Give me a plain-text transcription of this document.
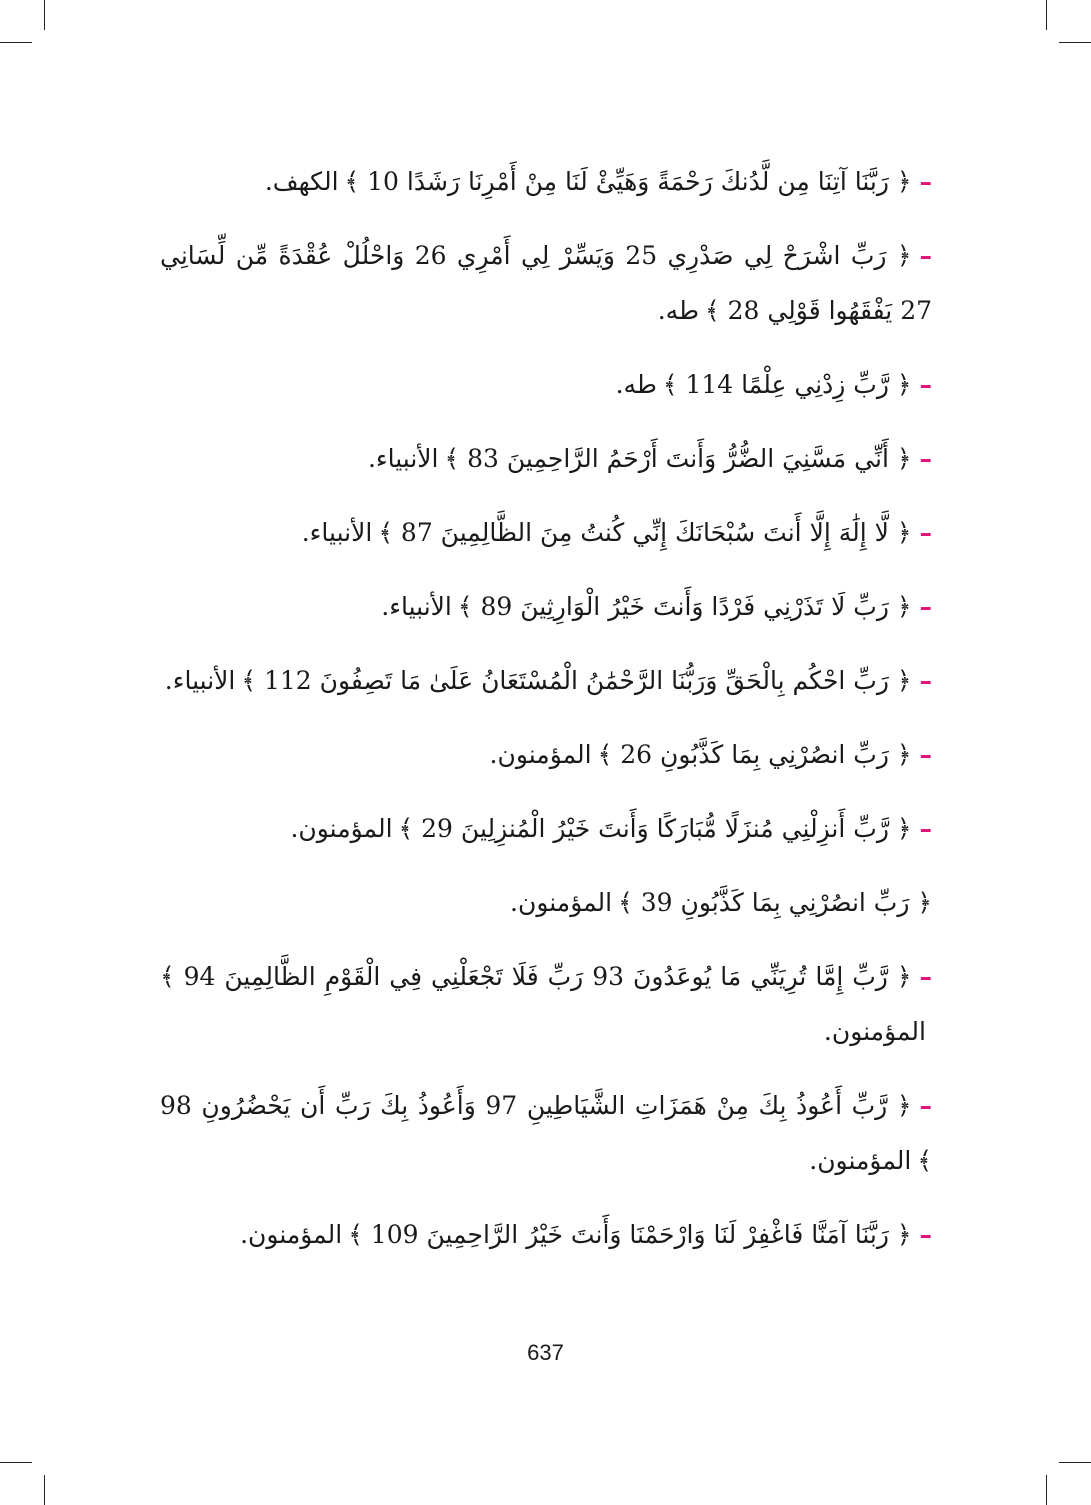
–﴿ رَبَّنَا آتِنَا مِن لَّدُنكَ رَحْمَةً وَهَيِّئْ لَنَا مِنْ أَمْرِنَا رَشَدًا 10 ﴾الكهف.
–﴿ رَبِّ اشْرَحْ لِي صَدْرِي 25 وَيَسِّرْ لِي أَمْرِي 26 وَاحْلُلْ عُقْدَةً مِّن لِّسَانِي 27 يَفْقَهُوا قَوْلِي 28 ﴾طه.
–﴿ رَّبِّ زِدْنِي عِلْمًا 114 ﴾طه.
–﴿ أَنِّي مَسَّنِيَ الضُّرُّ وَأَنتَ أَرْحَمُ الرَّاحِمِينَ 83 ﴾الأنبياء.
–﴿ لَّا إِلَٰهَ إِلَّا أَنتَ سُبْحَانَكَ إِنِّي كُنتُ مِنَ الظَّالِمِينَ 87 ﴾الأنبياء.
–﴿ رَبِّ لَا تَذَرْنِي فَرْدًا وَأَنتَ خَيْرُ الْوَارِثِينَ 89 ﴾الأنبياء.
–﴿ رَبِّ احْكُم بِالْحَقِّ وَرَبُّنَا الرَّحْمَٰنُ الْمُسْتَعَانُ عَلَىٰ مَا تَصِفُونَ 112 ﴾الأنبياء.
–﴿ رَبِّ انصُرْنِي بِمَا كَذَّبُونِ 26 ﴾المؤمنون.
–﴿ رَّبِّ أَنزِلْنِي مُنزَلًا مُّبَارَكًا وَأَنتَ خَيْرُ الْمُنزِلِينَ 29 ﴾المؤمنون.
﴿ رَبِّ انصُرْنِي بِمَا كَذَّبُونِ 39 ﴾المؤمنون.
–﴿ رَّبِّ إِمَّا تُرِيَنِّي مَا يُوعَدُونَ 93 رَبِّ فَلَا تَجْعَلْنِي فِي الْقَوْمِ الظَّالِمِينَ 94 ﴾المؤمنون.
–﴿ رَّبِّ أَعُوذُ بِكَ مِنْ هَمَزَاتِ الشَّيَاطِينِ 97 وَأَعُوذُ بِكَ رَبِّ أَن يَحْضُرُونِ 98 ﴾المؤمنون.
–﴿ رَبَّنَا آمَنَّا فَاغْفِرْ لَنَا وَارْحَمْنَا وَأَنتَ خَيْرُ الرَّاحِمِينَ 109 ﴾المؤمنون.
637
